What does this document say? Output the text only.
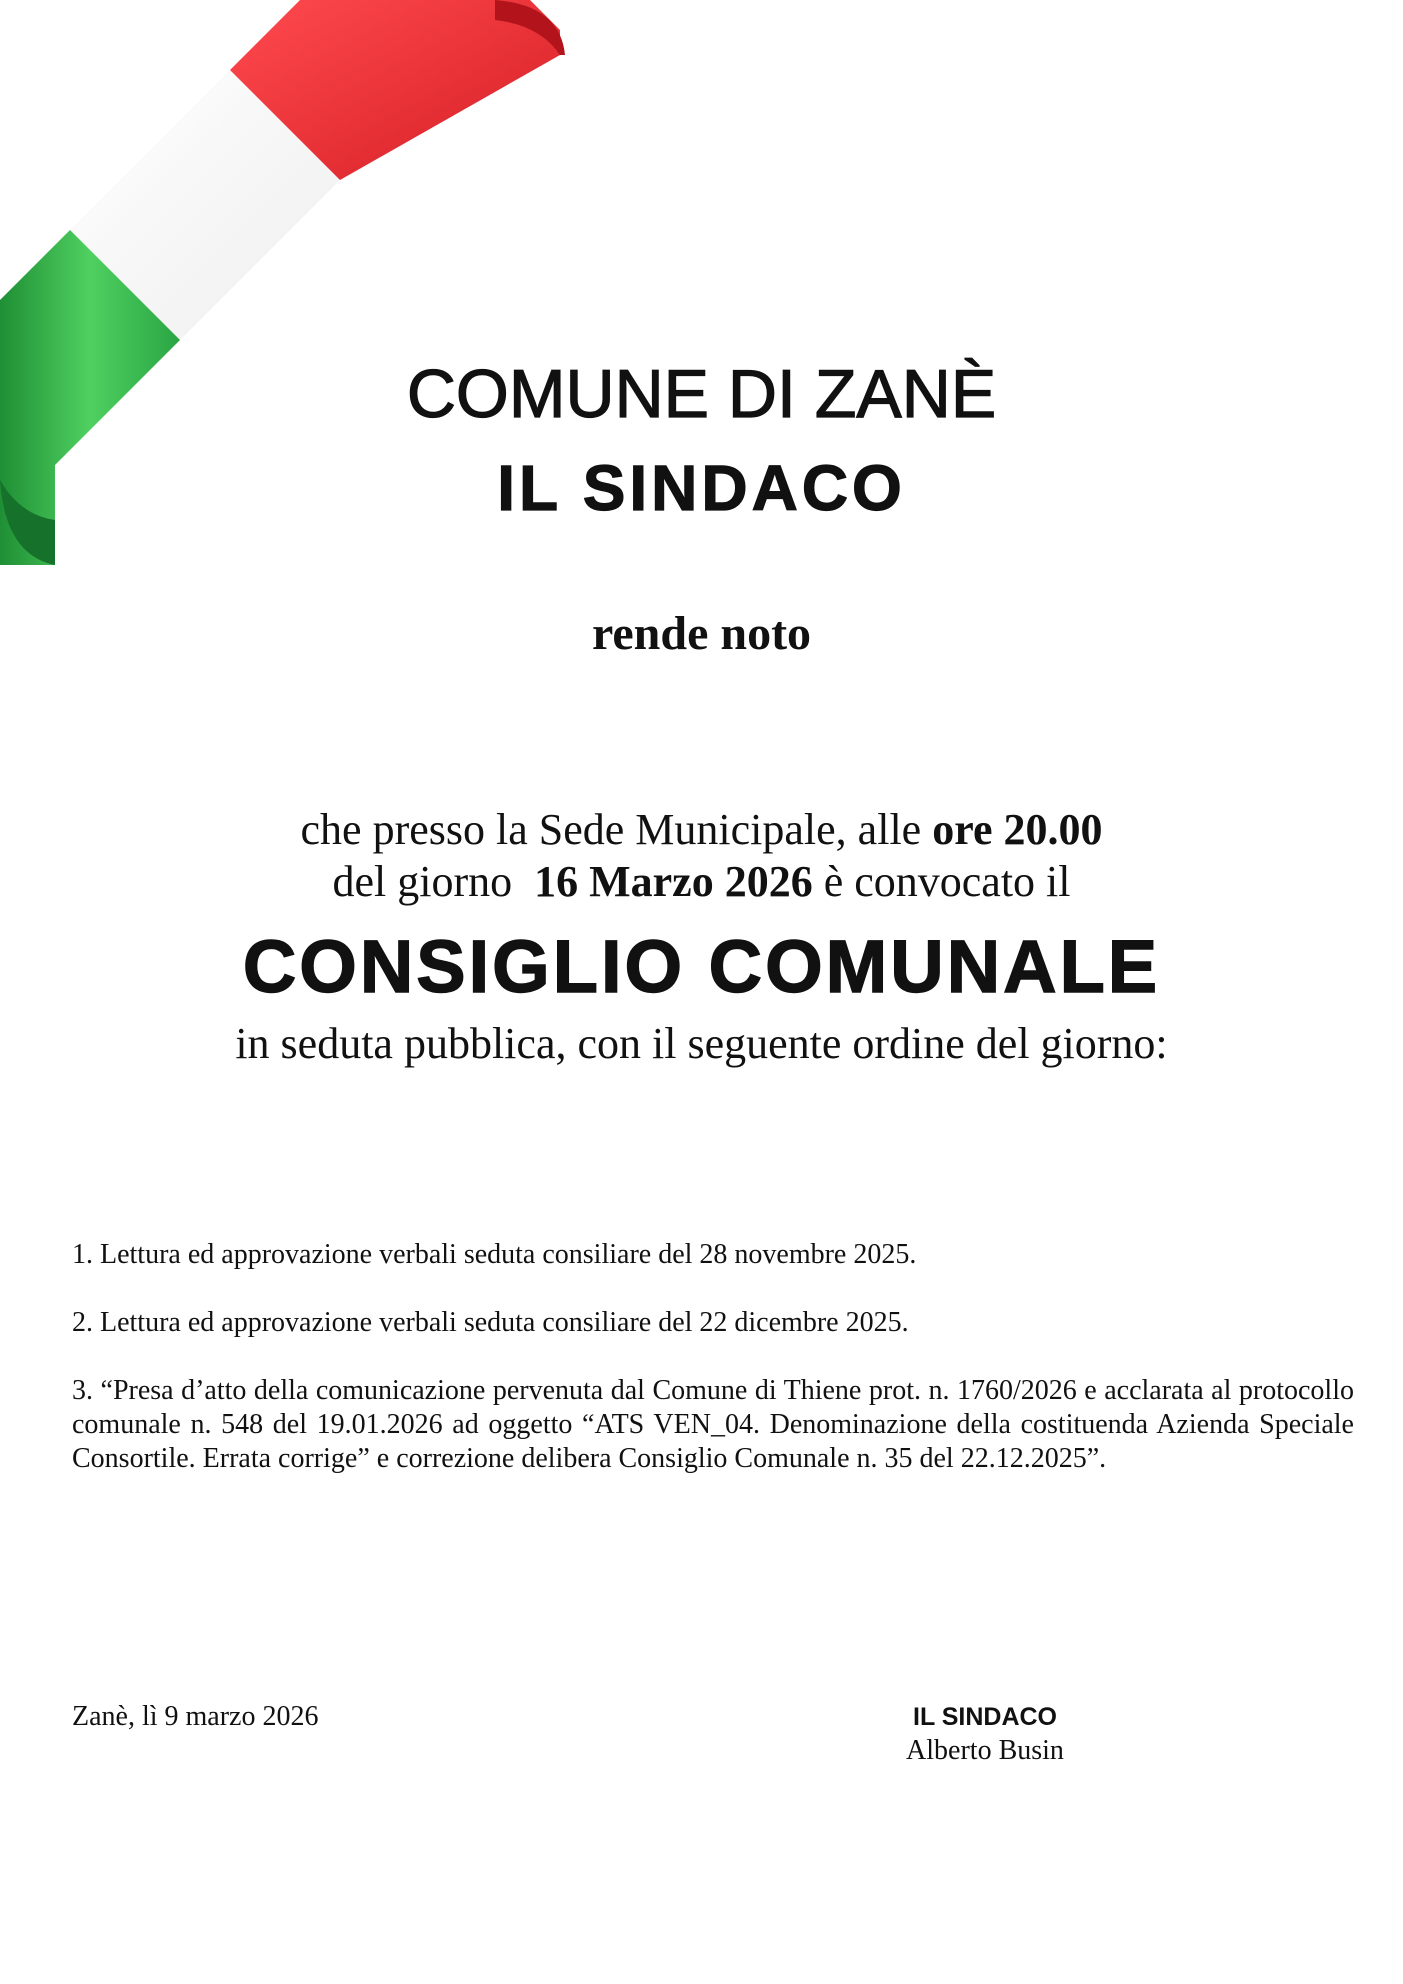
COMUNE DI ZANÈ
IL SINDACO
rende noto
che presso la Sede Municipale, alle ore 20.00
del giorno  16 Marzo 2026 è convocato il
CONSIGLIO COMUNALE
in seduta pubblica, con il seguente ordine del giorno:
1. Lettura ed approvazione verbali seduta consiliare del 28 novembre 2025.
2. Lettura ed approvazione verbali seduta consiliare del 22 dicembre 2025.
3. “Presa d’atto della comunicazione pervenuta dal Comune di Thiene prot. n. 1760/2026 e acclarata al protocollo comunale n. 548 del 19.01.2026 ad oggetto “ATS VEN_04. Denominazione della costituenda Azienda Speciale Consortile. Errata corrige” e correzione delibera Consiglio Comunale n. 35 del 22.12.2025”.
Zanè, lì 9 marzo 2026	IL SINDACO
Alberto Busin
